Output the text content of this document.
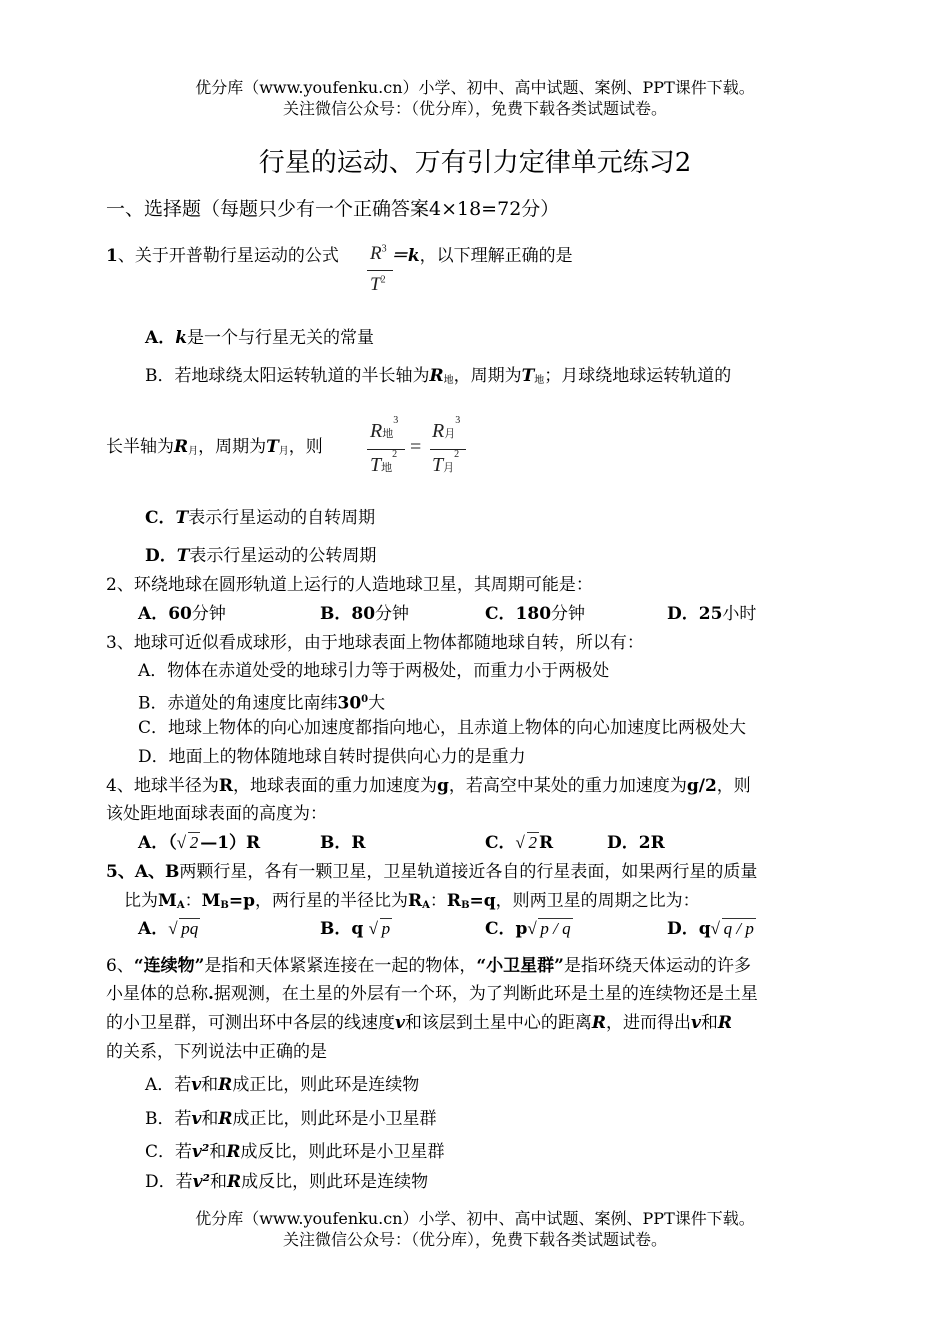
优分库（www.youfenku.cn）小学、初中、高中试题、案例、PPT课件下载。
关注微信公众号：（优分库），免费下载各类试题试卷。
行星的运动、万有引力定律单元练习2
一、选择题（每题只少有一个正确答案4×18=72分）
1、关于开普勒行星运动的公式	＝k，以下理解正确的是
$R^3$
$T^2$
A．k是一个与行星无关的常量
B．若地球绕太阳运转轨道的半长轴为$R_地$，周期为$T_地$；月球绕地球运转轨道的
长半轴为$R_月$，周期为$T_月$，则
R地$^3$
T地$^2$ =
R月$^3$
T月$^2$
C．T表示行星运动的自转周期
D．T表示行星运动的公转周期
2、环绕地球在圆形轨道上运行的人造地球卫星，其周期可能是：
A．60分钟	B．80分钟	C．180分钟	D．25小时
3、地球可近似看成球形，由于地球表面上物体都随地球自转，所以有：
A．物体在赤道处受的地球引力等于两极处，而重力小于两极处
B．赤道处的角速度比南纬$30^0$大
C．地球上物体的向心加速度都指向地心，且赤道上物体的向心加速度比两极处大
D．地面上的物体随地球自转时提供向心力的是重力
4、地球半径为R，地球表面的重力加速度为g，若高空中某处的重力加速度为g/2，则
该处距地面球表面的高度为：
A．（ √ 2 —1）R	B．R	C． √ 2 R	D．2R
5、A、B两颗行星，各有一颗卫星，卫星轨道接近各自的行星表面，如果两行星的质量
比为$M_A$：$M_B=p$，两行星的半径比为$R_A$：$R_B=q$，则两卫星的周期之比为：
A． √ pq	B．q √ p	C．p √ p / q	D．q √ q / p
6、“连续物”是指和天体紧紧连接在一起的物体，“小卫星群”是指环绕天体运动的许多
小星体的总称.据观测，在土星的外层有一个环，为了判断此环是土星的连续物还是土星
的小卫星群，可测出环中各层的线速度v和该层到土星中心的距离R，进而得出v和R
的关系，下列说法中正确的是
A．若v和R成正比，则此环是连续物
B．若v和R成正比，则此环是小卫星群
C．若v²和R成反比，则此环是小卫星群
D．若v²和R成反比，则此环是连续物
优分库（www.youfenku.cn）小学、初中、高中试题、案例、PPT课件下载。
关注微信公众号：（优分库），免费下载各类试题试卷。
